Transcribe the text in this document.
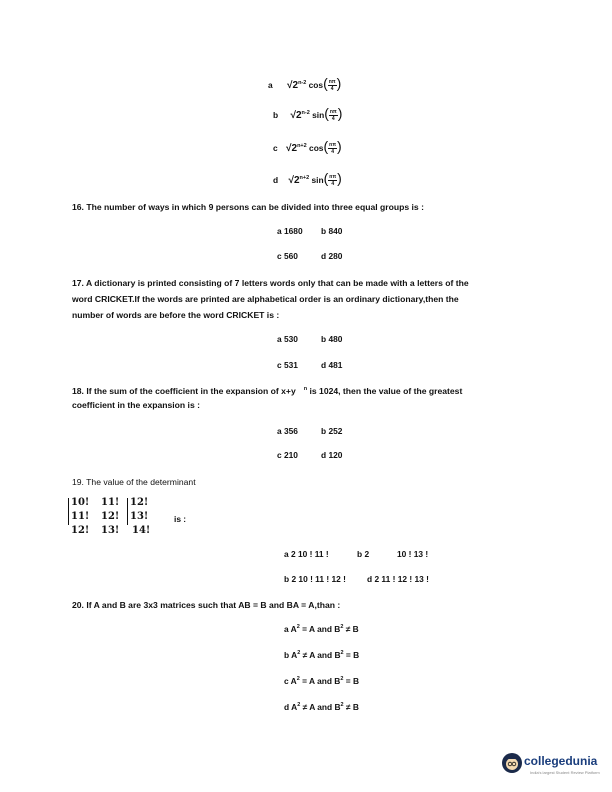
a √2$^{n-2}$ $\cos( \frac{n\pi}{4})$
b √2$^{n-2}$ $\sin( \frac{n\pi}{4})$
c $√2^{n+2}$ $\cos( \frac{n\pi}{4})$
d $√2^{n+2}$ $\sin( \frac{n\pi}{4})$
16. The number of ways in which 9 persons can be divided into three equal groups is :
a 1680 b 840
c 560	d 280
17. A dictionary is printed consisting of 7 letters words only that can be made with a letters of the
word CRICKET.If the words are printed are alphabetical order is an ordinary dictionary,then the
number of words are before the word CRICKET is :
a 530	b 480
c 531	d 481
18. If the sum of the coefficient in the expansion of x+y $^n$ is 1024, then the value of the greatest
coefficient in the expansion is :
a 356	b 252
c 210	d 120
19. The value of the determinant
10! 11! 12!
11! 12! 13!
12! 13! 14!
is :
a 2 10 ! 11 !	b 2	10 ! 13 !
b 2 10 ! 11 ! 12 !	d 2 11 ! 12 ! 13 !
20. If A and B are 3x3 matrices such that AB = B and BA = A,than :
a $A^2 = A$ and $B^2 \ne B$
b $A^2 \ne A$ and $B^2 = B$
c $A^2 = A$ and $B^2 = B$
d $A^2 \ne A$ and $B^2 \ne B$
collegedunia
India's largest Student Review Platform
